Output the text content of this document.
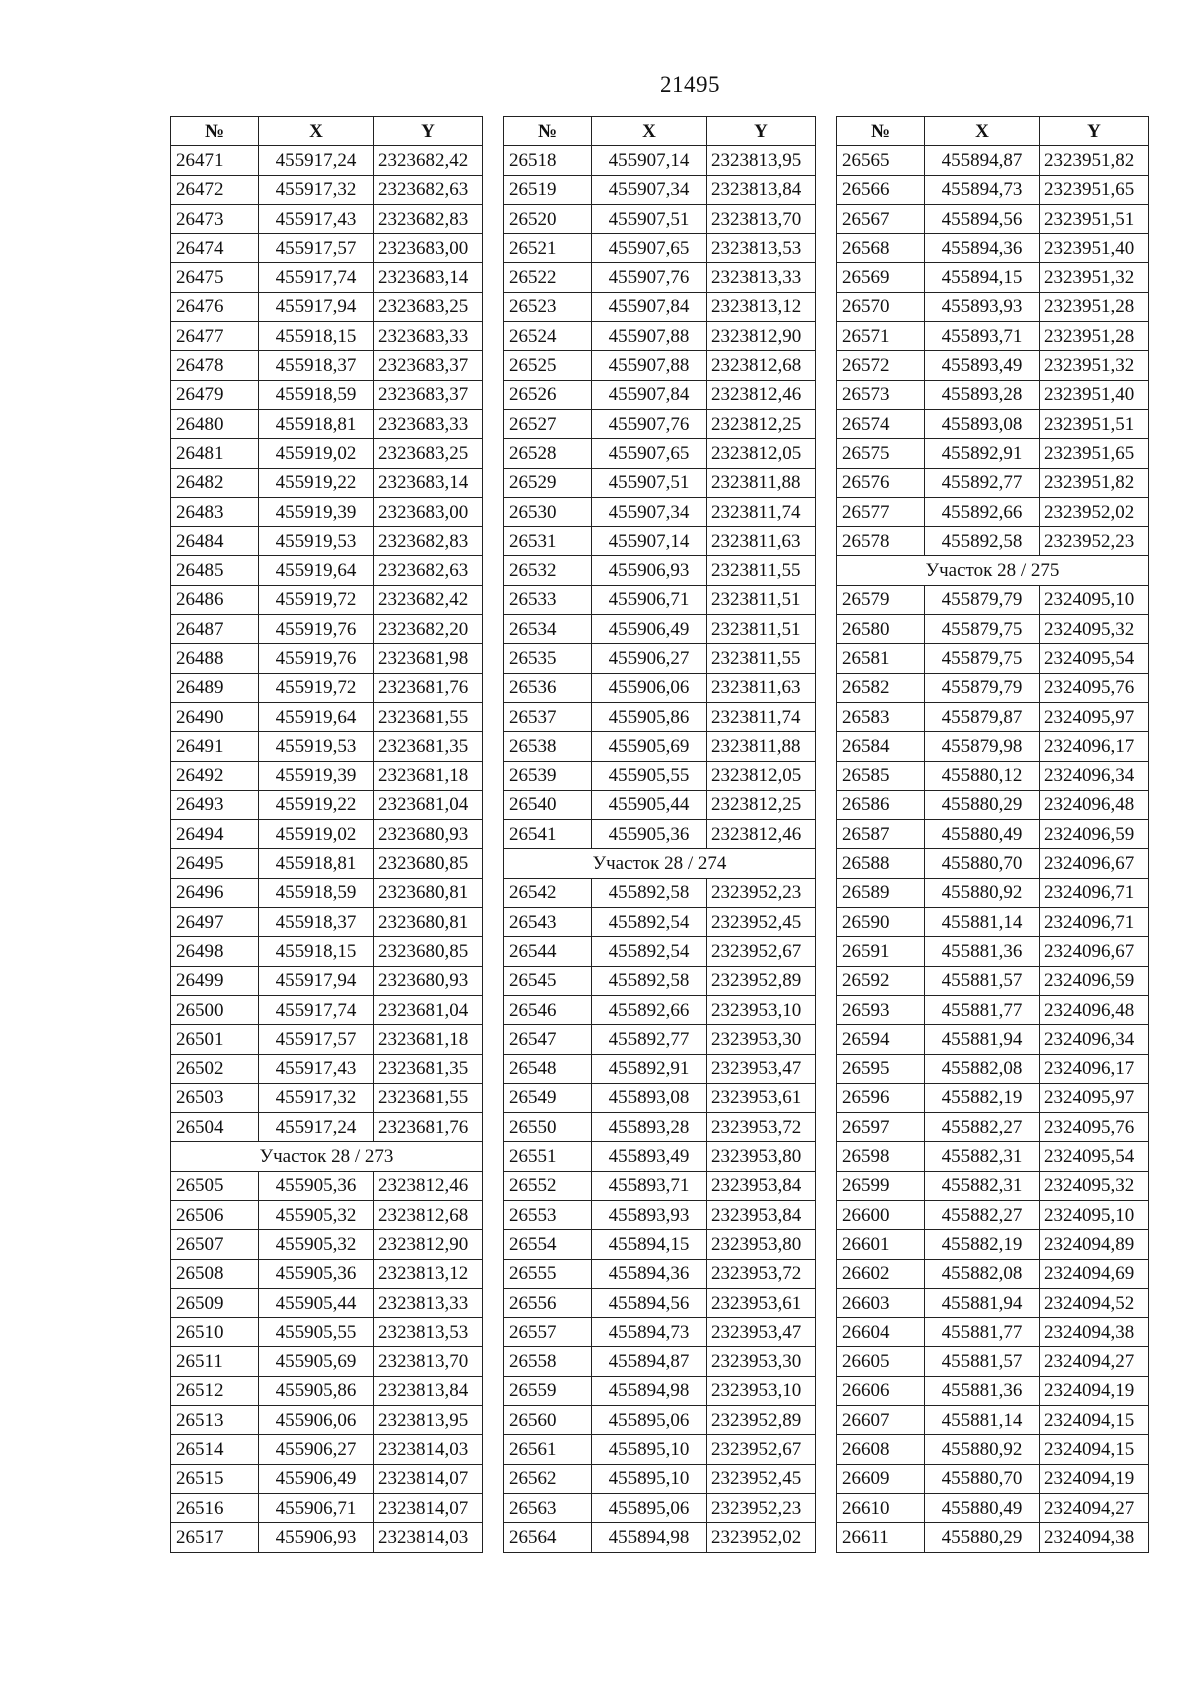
21495
№	X	Y
26471	455917,24	2323682,42
26472	455917,32	2323682,63
26473	455917,43	2323682,83
26474	455917,57	2323683,00
26475	455917,74	2323683,14
26476	455917,94	2323683,25
26477	455918,15	2323683,33
26478	455918,37	2323683,37
26479	455918,59	2323683,37
26480	455918,81	2323683,33
26481	455919,02	2323683,25
26482	455919,22	2323683,14
26483	455919,39	2323683,00
26484	455919,53	2323682,83
26485	455919,64	2323682,63
26486	455919,72	2323682,42
26487	455919,76	2323682,20
26488	455919,76	2323681,98
26489	455919,72	2323681,76
26490	455919,64	2323681,55
26491	455919,53	2323681,35
26492	455919,39	2323681,18
26493	455919,22	2323681,04
26494	455919,02	2323680,93
26495	455918,81	2323680,85
26496	455918,59	2323680,81
26497	455918,37	2323680,81
26498	455918,15	2323680,85
26499	455917,94	2323680,93
26500	455917,74	2323681,04
26501	455917,57	2323681,18
26502	455917,43	2323681,35
26503	455917,32	2323681,55
26504	455917,24	2323681,76
Участок 28 / 273		
26505	455905,36	2323812,46
26506	455905,32	2323812,68
26507	455905,32	2323812,90
26508	455905,36	2323813,12
26509	455905,44	2323813,33
26510	455905,55	2323813,53
26511	455905,69	2323813,70
26512	455905,86	2323813,84
26513	455906,06	2323813,95
26514	455906,27	2323814,03
26515	455906,49	2323814,07
26516	455906,71	2323814,07
26517	455906,93	2323814,03
№	X	Y
26518	455907,14	2323813,95
26519	455907,34	2323813,84
26520	455907,51	2323813,70
26521	455907,65	2323813,53
26522	455907,76	2323813,33
26523	455907,84	2323813,12
26524	455907,88	2323812,90
26525	455907,88	2323812,68
26526	455907,84	2323812,46
26527	455907,76	2323812,25
26528	455907,65	2323812,05
26529	455907,51	2323811,88
26530	455907,34	2323811,74
26531	455907,14	2323811,63
26532	455906,93	2323811,55
26533	455906,71	2323811,51
26534	455906,49	2323811,51
26535	455906,27	2323811,55
26536	455906,06	2323811,63
26537	455905,86	2323811,74
26538	455905,69	2323811,88
26539	455905,55	2323812,05
26540	455905,44	2323812,25
26541	455905,36	2323812,46
Участок 28 / 274		
26542	455892,58	2323952,23
26543	455892,54	2323952,45
26544	455892,54	2323952,67
26545	455892,58	2323952,89
26546	455892,66	2323953,10
26547	455892,77	2323953,30
26548	455892,91	2323953,47
26549	455893,08	2323953,61
26550	455893,28	2323953,72
26551	455893,49	2323953,80
26552	455893,71	2323953,84
26553	455893,93	2323953,84
26554	455894,15	2323953,80
26555	455894,36	2323953,72
26556	455894,56	2323953,61
26557	455894,73	2323953,47
26558	455894,87	2323953,30
26559	455894,98	2323953,10
26560	455895,06	2323952,89
26561	455895,10	2323952,67
26562	455895,10	2323952,45
26563	455895,06	2323952,23
26564	455894,98	2323952,02
№	X	Y
26565	455894,87	2323951,82
26566	455894,73	2323951,65
26567	455894,56	2323951,51
26568	455894,36	2323951,40
26569	455894,15	2323951,32
26570	455893,93	2323951,28
26571	455893,71	2323951,28
26572	455893,49	2323951,32
26573	455893,28	2323951,40
26574	455893,08	2323951,51
26575	455892,91	2323951,65
26576	455892,77	2323951,82
26577	455892,66	2323952,02
26578	455892,58	2323952,23
Участок 28 / 275		
26579	455879,79	2324095,10
26580	455879,75	2324095,32
26581	455879,75	2324095,54
26582	455879,79	2324095,76
26583	455879,87	2324095,97
26584	455879,98	2324096,17
26585	455880,12	2324096,34
26586	455880,29	2324096,48
26587	455880,49	2324096,59
26588	455880,70	2324096,67
26589	455880,92	2324096,71
26590	455881,14	2324096,71
26591	455881,36	2324096,67
26592	455881,57	2324096,59
26593	455881,77	2324096,48
26594	455881,94	2324096,34
26595	455882,08	2324096,17
26596	455882,19	2324095,97
26597	455882,27	2324095,76
26598	455882,31	2324095,54
26599	455882,31	2324095,32
26600	455882,27	2324095,10
26601	455882,19	2324094,89
26602	455882,08	2324094,69
26603	455881,94	2324094,52
26604	455881,77	2324094,38
26605	455881,57	2324094,27
26606	455881,36	2324094,19
26607	455881,14	2324094,15
26608	455880,92	2324094,15
26609	455880,70	2324094,19
26610	455880,49	2324094,27
26611	455880,29	2324094,38
